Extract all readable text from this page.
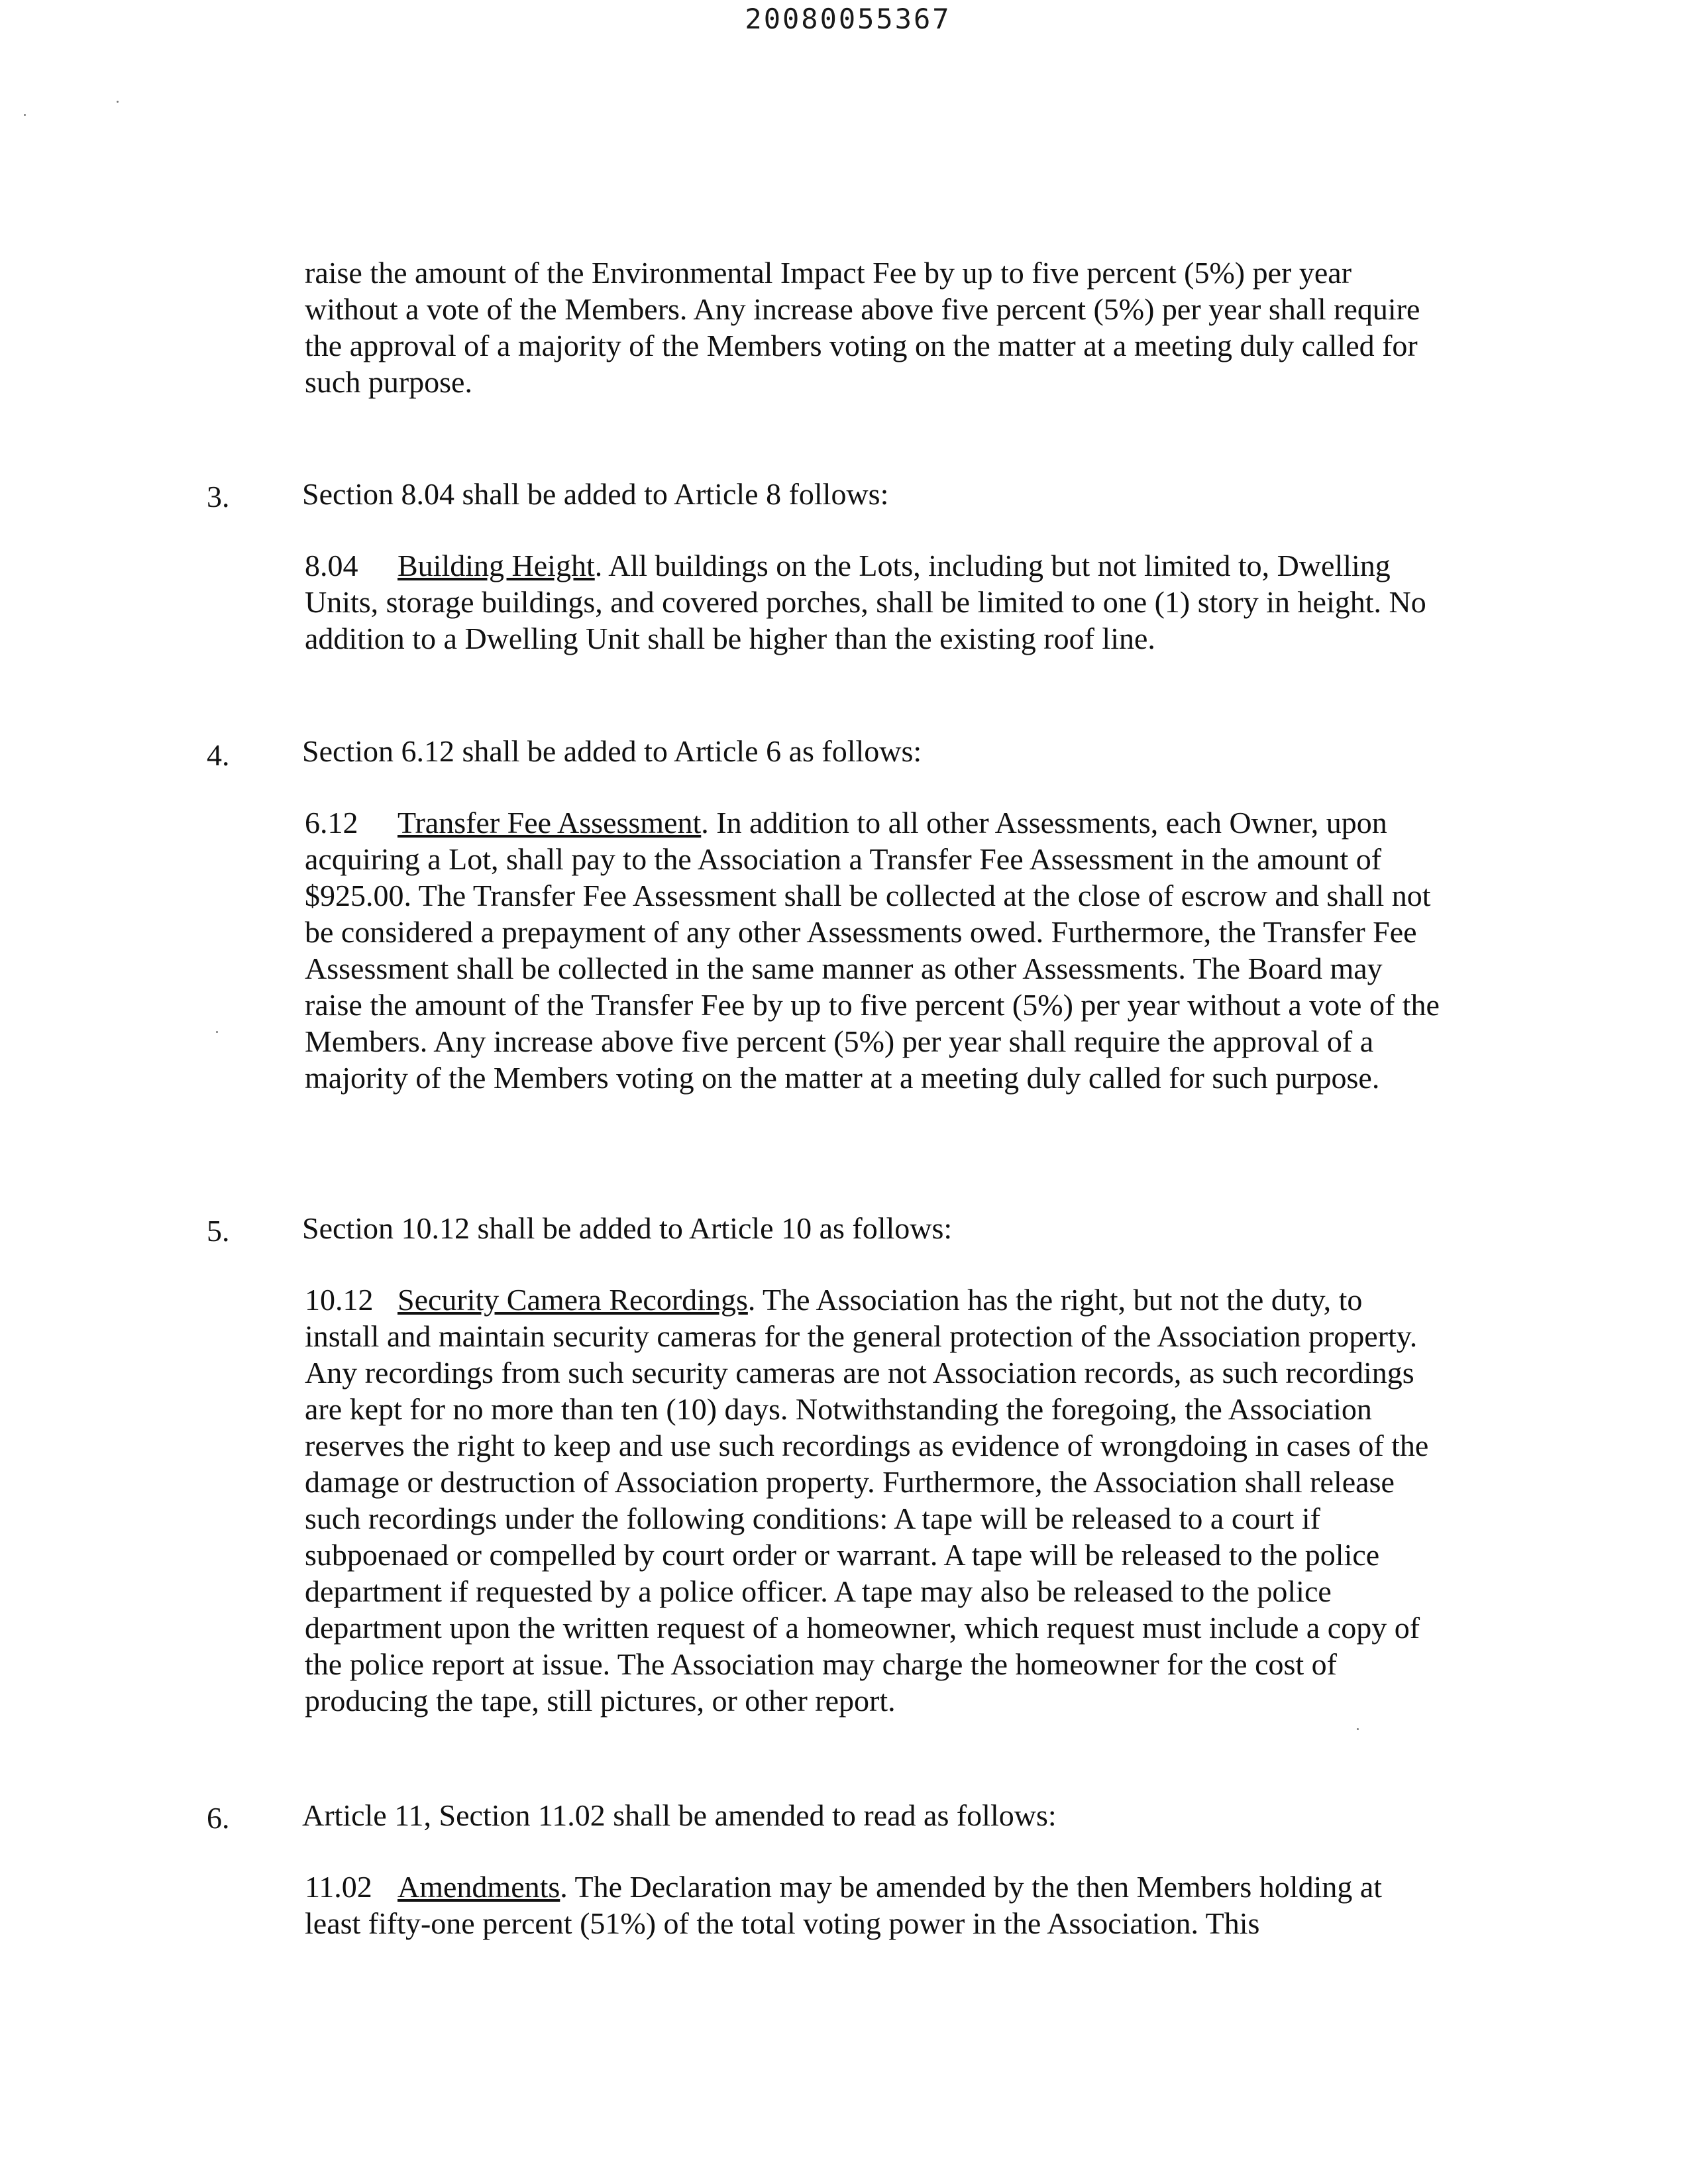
20080055367

raise the amount of the Environmental Impact Fee by up to five percent (5%) per year without a vote of the Members. Any increase above five percent (5%) per year shall require the approval of a majority of the Members voting on the matter at a meeting duly called for such purpose.

3. Section 8.04 shall be added to Article 8 follows:

8.04 Building Height. All buildings on the Lots, including but not limited to, Dwelling Units, storage buildings, and covered porches, shall be limited to one (1) story in height. No addition to a Dwelling Unit shall be higher than the existing roof line.

4. Section 6.12 shall be added to Article 6 as follows:

6.12 Transfer Fee Assessment. In addition to all other Assessments, each Owner, upon acquiring a Lot, shall pay to the Association a Transfer Fee Assessment in the amount of $925.00. The Transfer Fee Assessment shall be collected at the close of escrow and shall not be considered a prepayment of any other Assessments owed. Furthermore, the Transfer Fee Assessment shall be collected in the same manner as other Assessments. The Board may raise the amount of the Transfer Fee by up to five percent (5%) per year without a vote of the Members. Any increase above five percent (5%) per year shall require the approval of a majority of the Members voting on the matter at a meeting duly called for such purpose.

5. Section 10.12 shall be added to Article 10 as follows:

10.12 Security Camera Recordings. The Association has the right, but not the duty, to install and maintain security cameras for the general protection of the Association property. Any recordings from such security cameras are not Association records, as such recordings are kept for no more than ten (10) days. Notwithstanding the foregoing, the Association reserves the right to keep and use such recordings as evidence of wrongdoing in cases of the damage or destruction of Association property. Furthermore, the Association shall release such recordings under the following conditions: A tape will be released to a court if subpoenaed or compelled by court order or warrant. A tape will be released to the police department if requested by a police officer. A tape may also be released to the police department upon the written request of a homeowner, which request must include a copy of the police report at issue. The Association may charge the homeowner for the cost of producing the tape, still pictures, or other report.

6. Article 11, Section 11.02 shall be amended to read as follows:

11.02 Amendments. The Declaration may be amended by the then Members holding at least fifty-one percent (51%) of the total voting power in the Association. This
